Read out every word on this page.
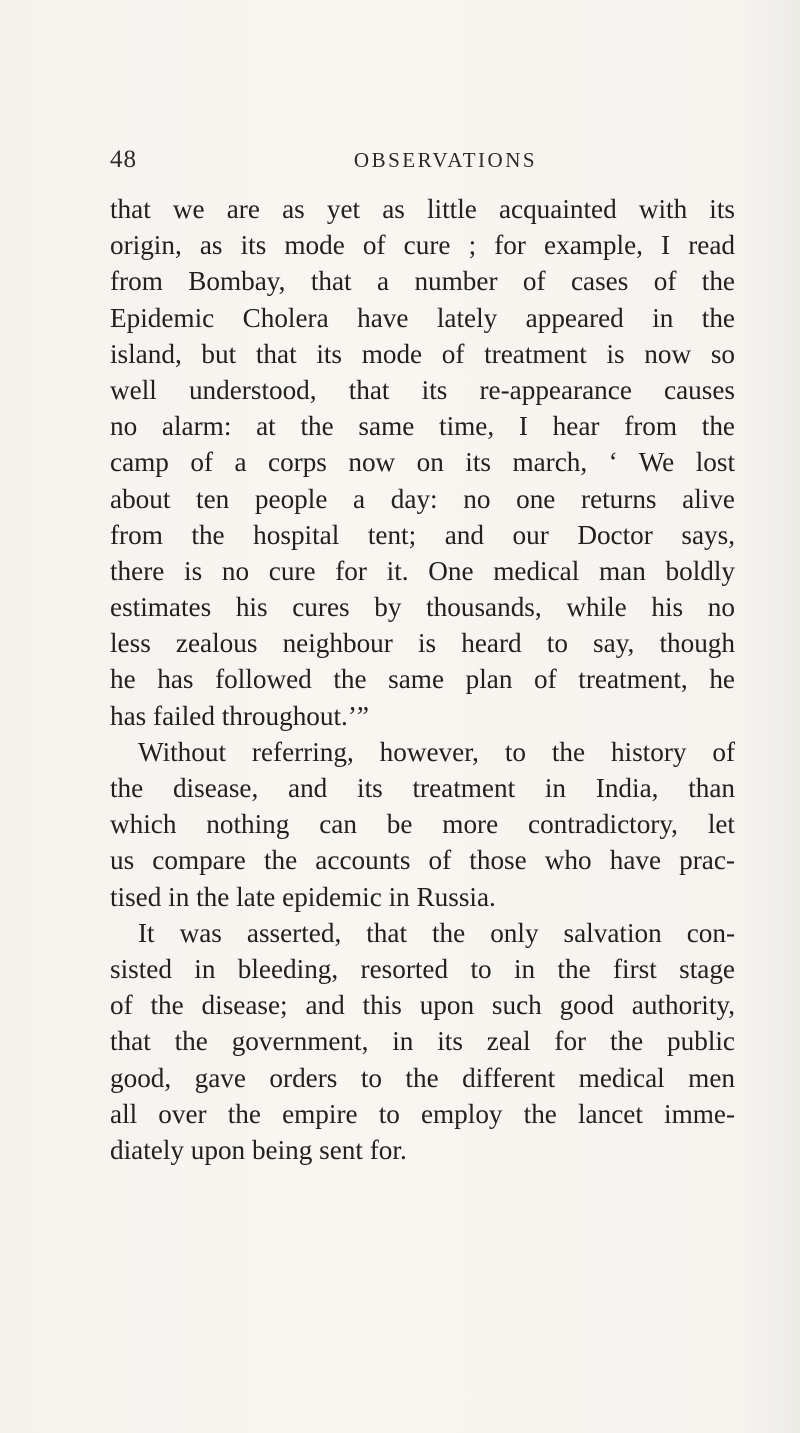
48	OBSERVATIONS
that we are as yet as little acquainted with its
origin, as its mode of cure ; for example, I read
from Bombay, that a number of cases of the
Epidemic Cholera have lately appeared in the
island, but that its mode of treatment is now so
well understood, that its re-appearance causes
no alarm: at the same time, I hear from the
camp of a corps now on its march, ‘ We lost
about ten people a day: no one returns alive
from the hospital tent; and our Doctor says,
there is no cure for it. One medical man boldly
estimates his cures by thousands, while his no
less zealous neighbour is heard to say, though
he has followed the same plan of treatment, he
has failed throughout.’”
Without referring, however, to the history of
the disease, and its treatment in India, than
which nothing can be more contradictory, let
us compare the accounts of those who have prac-
tised in the late epidemic in Russia.
It was asserted, that the only salvation con-
sisted in bleeding, resorted to in the first stage
of the disease; and this upon such good authority,
that the government, in its zeal for the public
good, gave orders to the different medical men
all over the empire to employ the lancet imme-
diately upon being sent for.
